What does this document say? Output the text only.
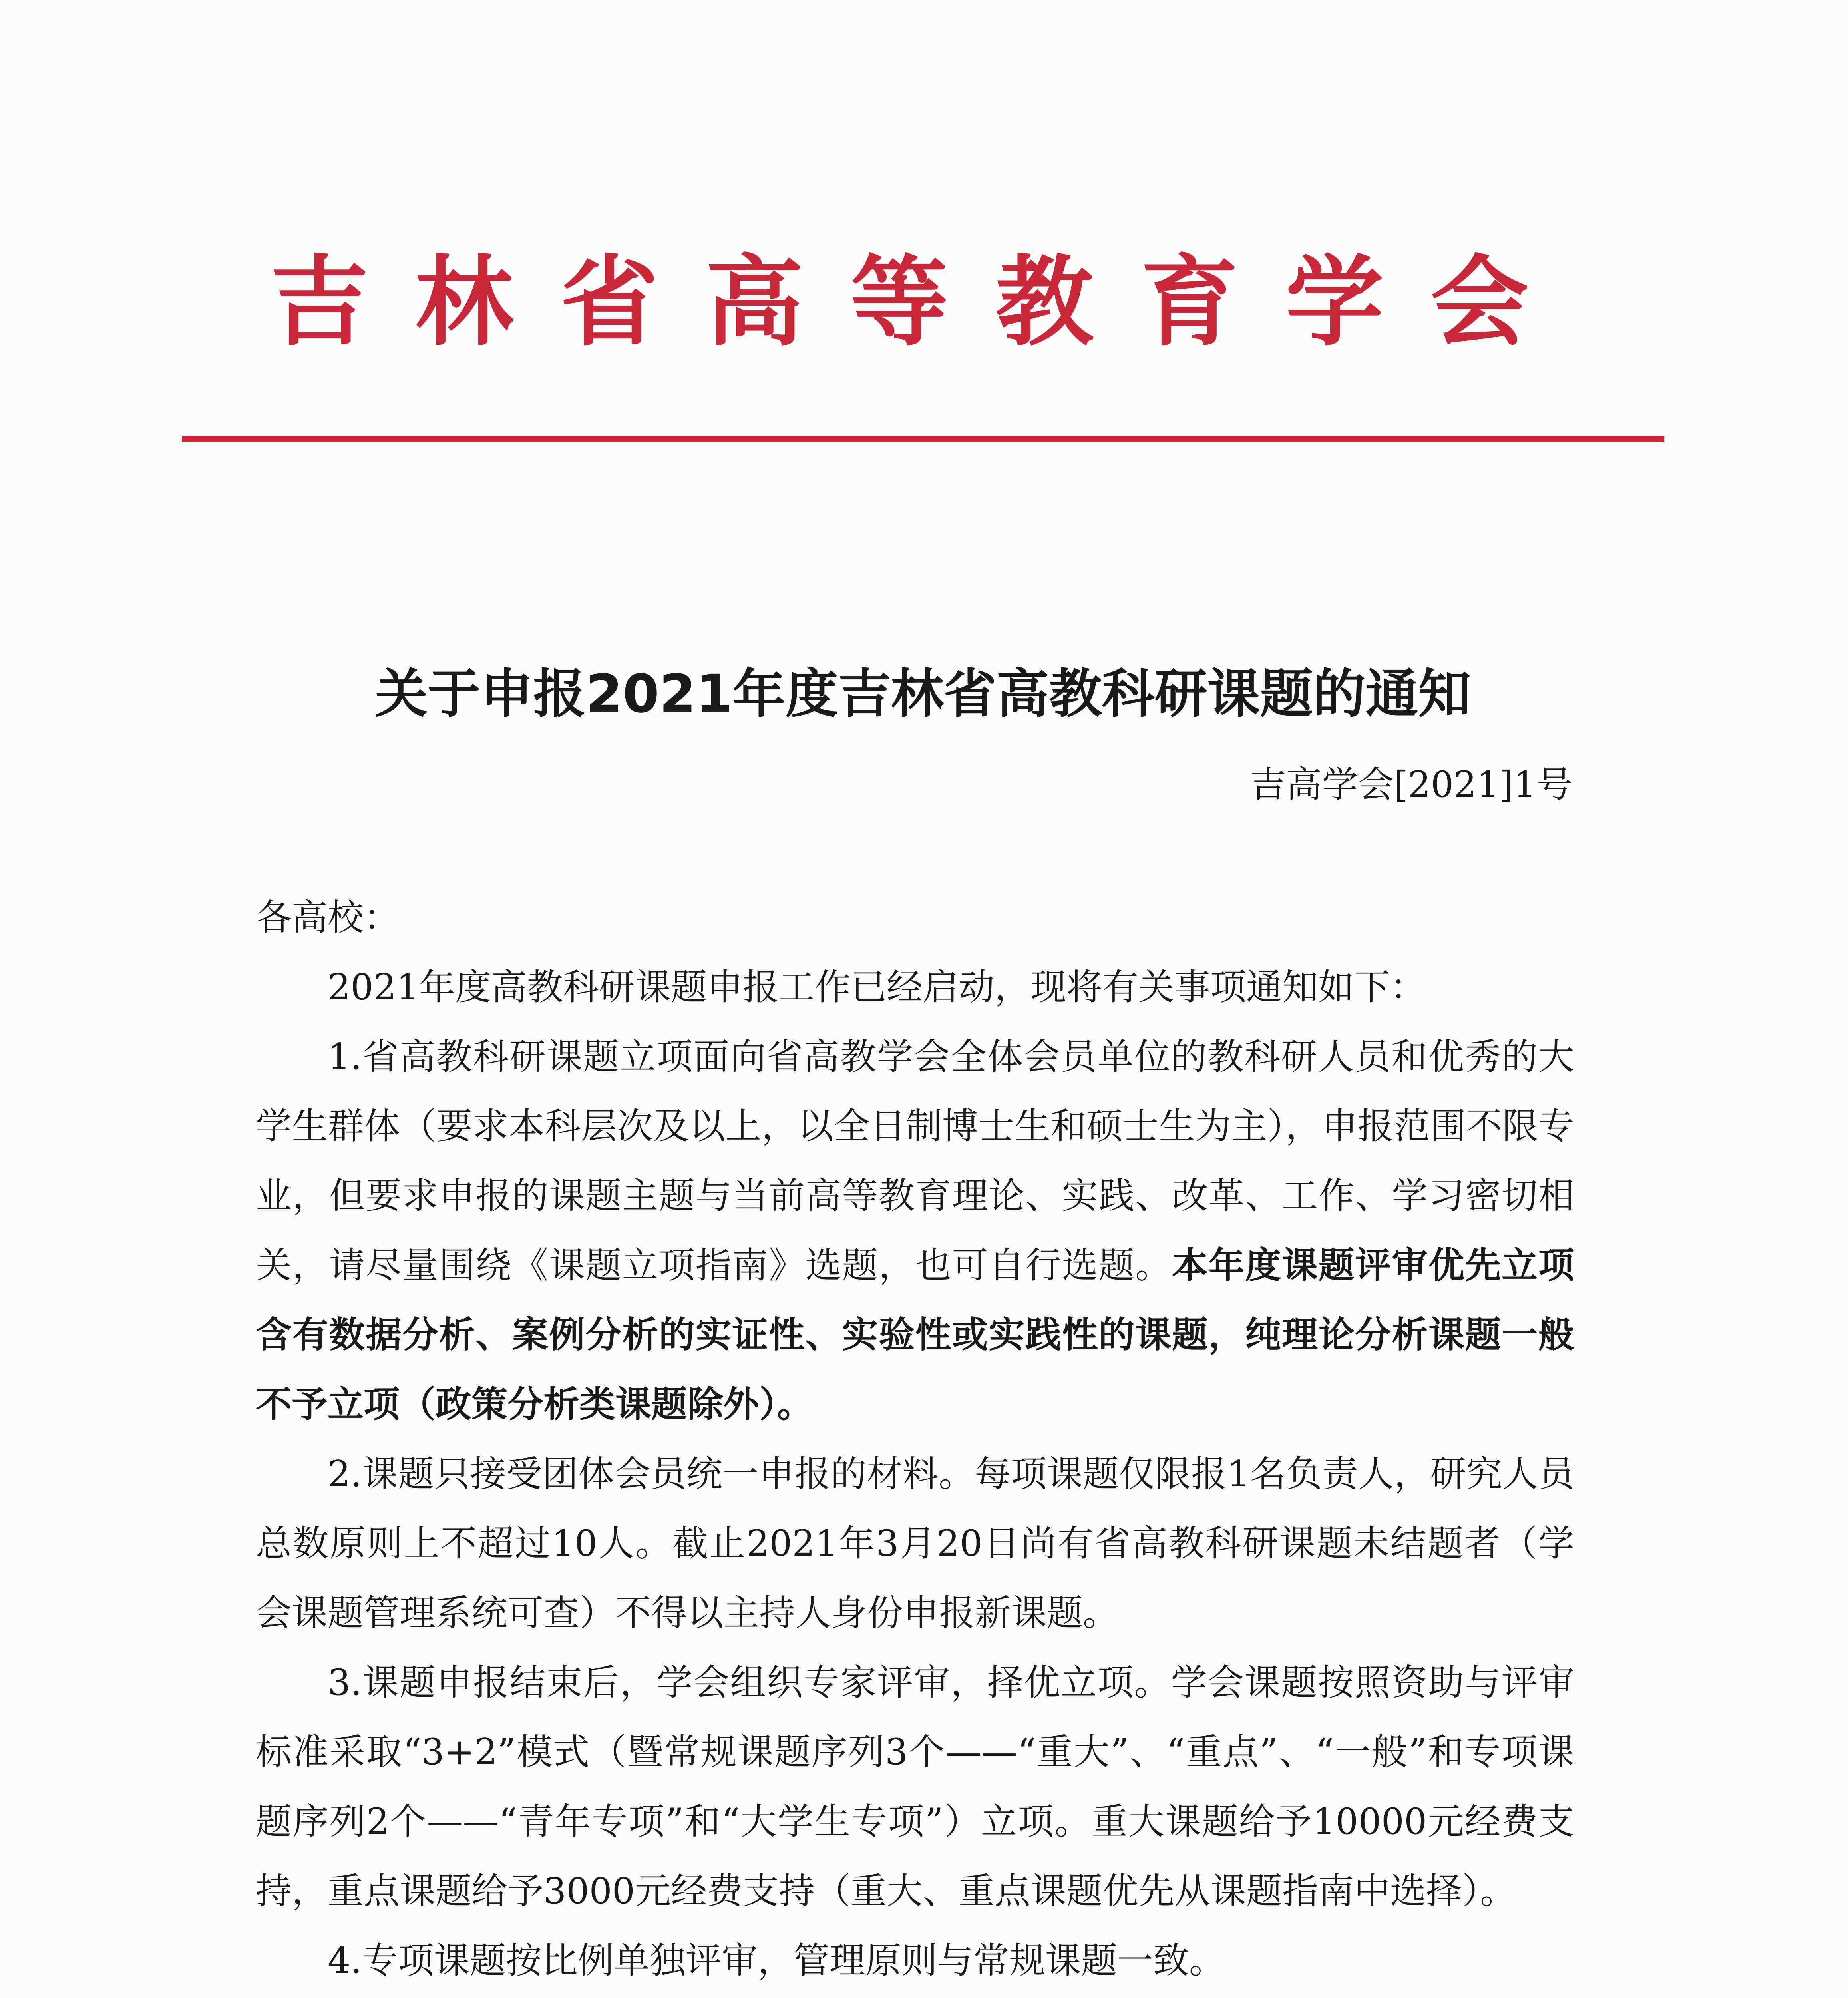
吉林省高等教育学会
关于申报2021年度吉林省高教科研课题的通知
吉高学会[2021]1号

各高校：

2021年度高教科研课题申报工作已经启动，现将有关事项通知如下：

1.省高教科研课题立项面向省高教学会全体会员单位的教科研人员和优秀的大学生群体（要求本科层次及以上，以全日制博士生和硕士生为主），申报范围不限专业，但要求申报的课题主题与当前高等教育理论、实践、改革、工作、学习密切相关，请尽量围绕《课题立项指南》选题，也可自行选题。本年度课题评审优先立项含有数据分析、案例分析的实证性、实验性或实践性的课题，纯理论分析课题一般不予立项（政策分析类课题除外）。

2.课题只接受团体会员统一申报的材料。每项课题仅限报1名负责人，研究人员总数原则上不超过10人。截止2021年3月20日尚有省高教科研课题未结题者（学会课题管理系统可查）不得以主持人身份申报新课题。

3.课题申报结束后，学会组织专家评审，择优立项。学会课题按照资助与评审标准采取“3+2”模式（暨常规课题序列3个——“重大”、“重点”、“一般”和专项课题序列2个——“青年专项”和“大学生专项”）立项。重大课题给予10000元经费支持，重点课题给予3000元经费支持（重大、重点课题优先从课题指南中选择）。

4.专项课题按比例单独评审，管理原则与常规课题一致。
